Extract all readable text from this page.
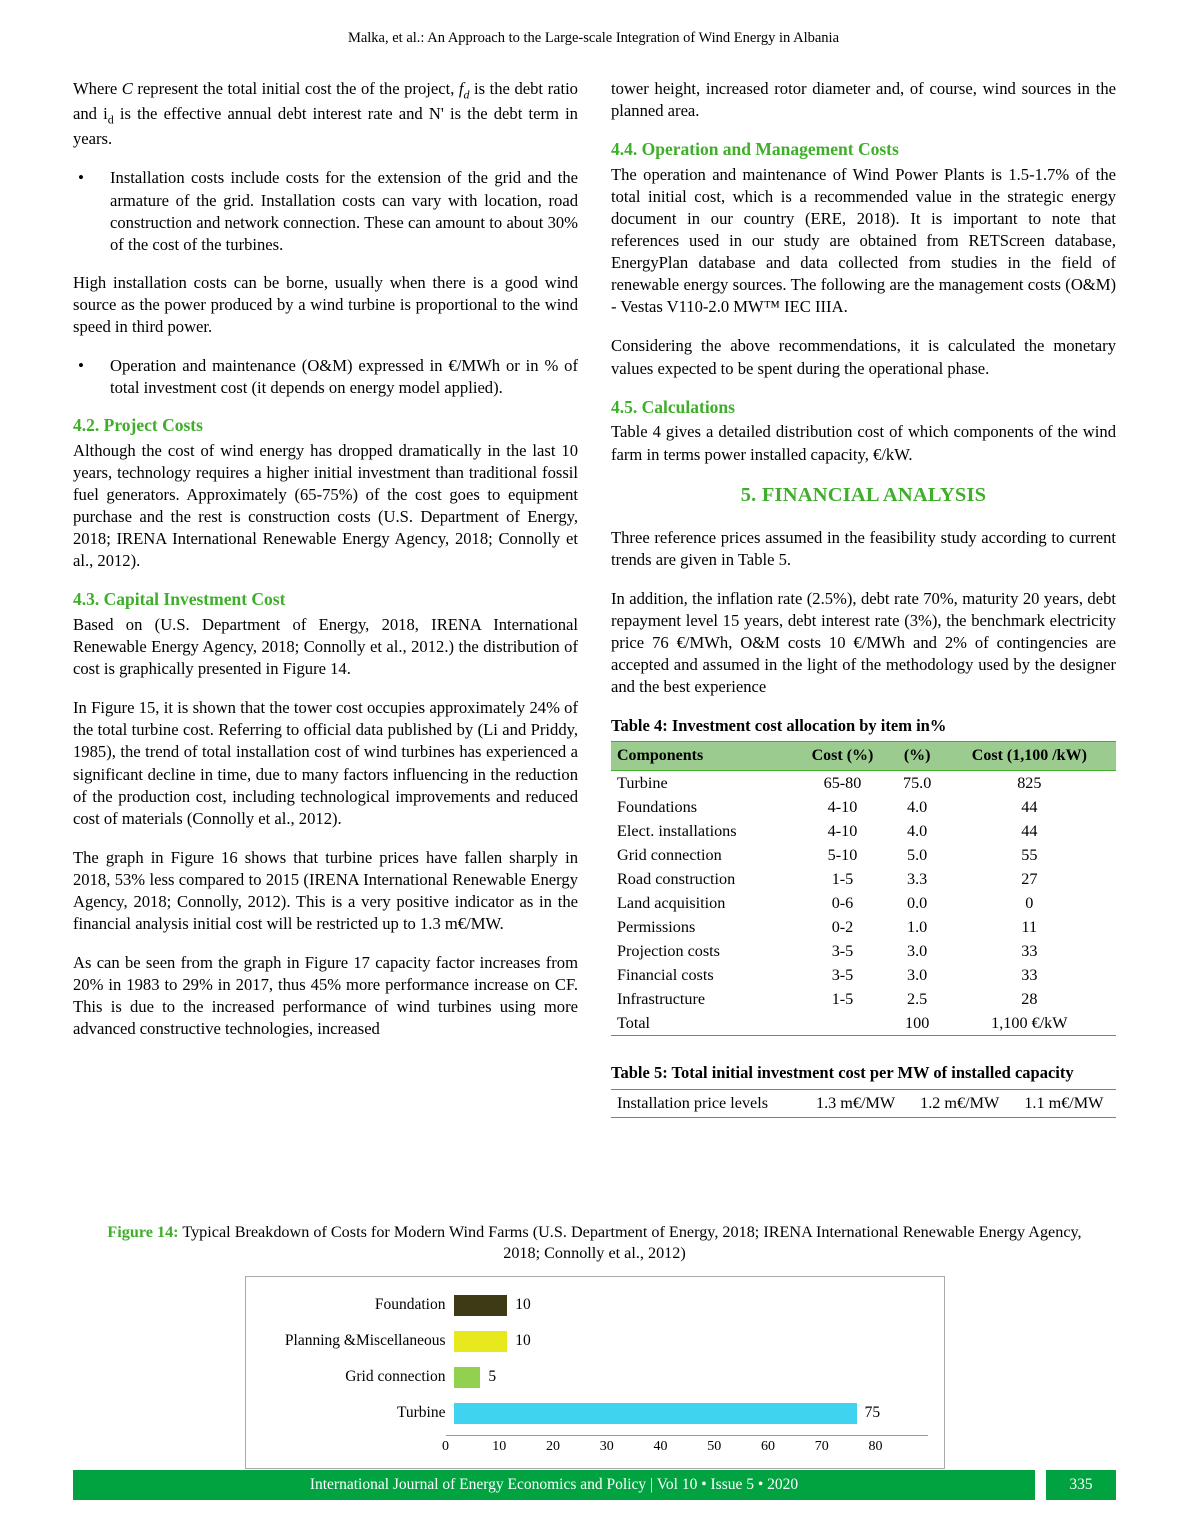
Malka, et al.: An Approach to the Large-scale Integration of Wind Energy in Albania

Where C represent the total initial cost the of the project, $f_d$ is the debt ratio and $i_d$ is the effective annual debt interest rate and N' is the debt term in years.

• Installation costs include costs for the extension of the grid and the armature of the grid. Installation costs can vary with location, road construction and network connection. These can amount to about 30% of the cost of the turbines.

High installation costs can be borne, usually when there is a good wind source as the power produced by a wind turbine is proportional to the wind speed in third power.

• Operation and maintenance (O&M) expressed in €/MWh or in % of total investment cost (it depends on energy model applied).
4.2. Project Costs

Although the cost of wind energy has dropped dramatically in the last 10 years, technology requires a higher initial investment than traditional fossil fuel generators. Approximately (65-75%) of the cost goes to equipment purchase and the rest is construction costs (U.S. Department of Energy, 2018; IRENA International Renewable Energy Agency, 2018; Connolly et al., 2012).

4.3. Capital Investment Cost

Based on (U.S. Department of Energy, 2018, IRENA International Renewable Energy Agency, 2018; Connolly et al., 2012.) the distribution of cost is graphically presented in Figure 14.

In Figure 15, it is shown that the tower cost occupies approximately 24% of the total turbine cost. Referring to official data published by (Li and Priddy, 1985), the trend of total installation cost of wind turbines has experienced a significant decline in time, due to many factors influencing in the reduction of the production cost, including technological improvements and reduced cost of materials (Connolly et al., 2012).

The graph in Figure 16 shows that turbine prices have fallen sharply in 2018, 53% less compared to 2015 (IRENA International Renewable Energy Agency, 2018; Connolly, 2012). This is a very positive indicator as in the financial analysis initial cost will be restricted up to 1.3 m€/MW.

As can be seen from the graph in Figure 17 capacity factor increases from 20% in 1983 to 29% in 2017, thus 45% more performance increase on CF. This is due to the increased performance of wind turbines using more advanced constructive technologies, increased

tower height, increased rotor diameter and, of course, wind sources in the planned area.

4.4. Operation and Management Costs

The operation and maintenance of Wind Power Plants is 1.5-1.7% of the total initial cost, which is a recommended value in the strategic energy document in our country (ERE, 2018). It is important to note that references used in our study are obtained from RETScreen database, EnergyPlan database and data collected from studies in the field of renewable energy sources. The following are the management costs (O&M) - Vestas V110-2.0 MW™ IEC IIIA.

Considering the above recommendations, it is calculated the monetary values expected to be spent during the operational phase.

4.5. Calculations

Table 4 gives a detailed distribution cost of which components of the wind farm in terms power installed capacity, €/kW.

5. FINANCIAL ANALYSIS

Three reference prices assumed in the feasibility study according to current trends are given in Table 5.

In addition, the inflation rate (2.5%), debt rate 70%, maturity 20 years, debt repayment level 15 years, debt interest rate (3%), the benchmark electricity price 76 €/MWh, O&M costs 10 €/MWh and 2% of contingencies are accepted and assumed in the light of the methodology used by the designer and the best experience

Table 4: Investment cost allocation by item in%
Components	Cost (%)	(%)	Cost (1,100 /kW)
Turbine	65-80	75.0	825
Foundations	4-10	4.0	44
Elect. installations	4-10	4.0	44
Grid connection	5-10	5.0	55
Road construction	1-5	3.3	27
Land acquisition	0-6	0.0	0
Permissions	0-2	1.0	11
Projection costs	3-5	3.0	33
Financial costs	3-5	3.0	33
Infrastructure	1-5	2.5	28
Total		100	1,100 €/kW
Table 5: Total initial investment cost per MW of installed capacity
Installation price levels	1.3 m€/MW	1.2 m€/MW	1.1 m€/MW
Figure 14: Typical Breakdown of Costs for Modern Wind Farms (U.S. Department of Energy, 2018; IRENA International Renewable Energy Agency, 2018; Connolly et al., 2012)
Foundation	10
Planning &Miscellaneous	10
Grid connection	5
Turbine	75
0	10	20	30	40	50	60	70	80
International Journal of Energy Economics and Policy | Vol 10 • Issue 5 • 2020	335
